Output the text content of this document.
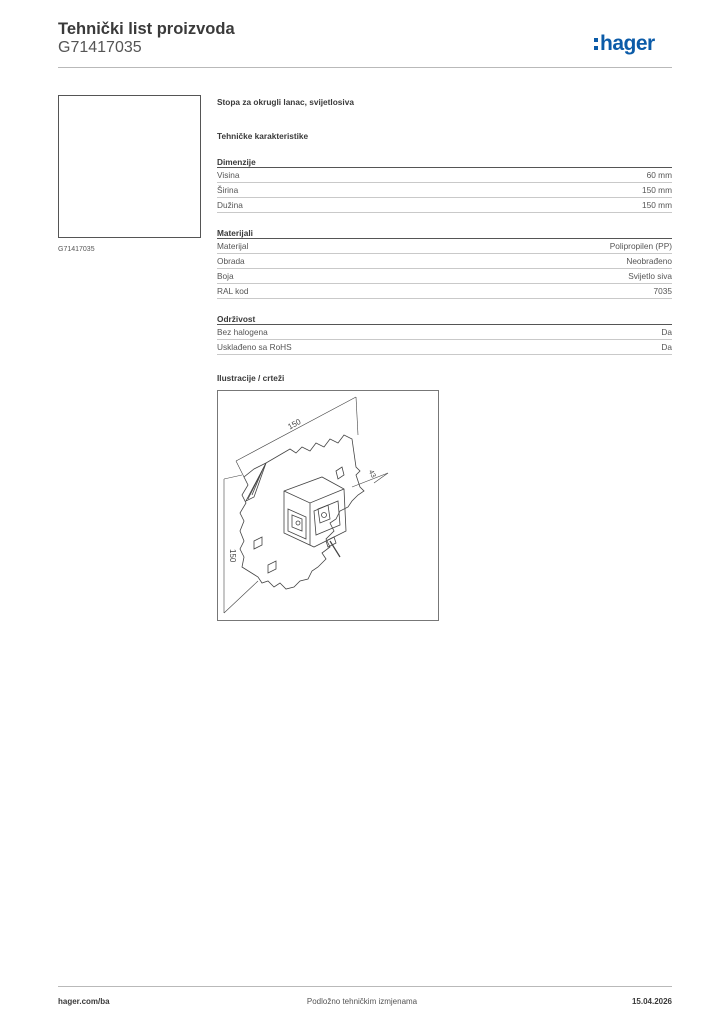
Tehnički list proizvoda
G71417035	hager
G71417035
Stopa za okrugli lanac, svijetlosiva
Tehničke karakteristike
Dimenzije
Visina	60 mm
Širina	150 mm
Dužina	150 mm
Materijali
Materijal	Polipropilen (PP)
Obrada	Neobrađeno
Boja	Svijetlo siva
RAL kod	7035
Održivost
Bez halogena	Da
Usklađeno sa RoHS	Da
Ilustracije / crteži
150
150
43
hager.com/ba	Podložno tehničkim izmjenama	15.04.2026
